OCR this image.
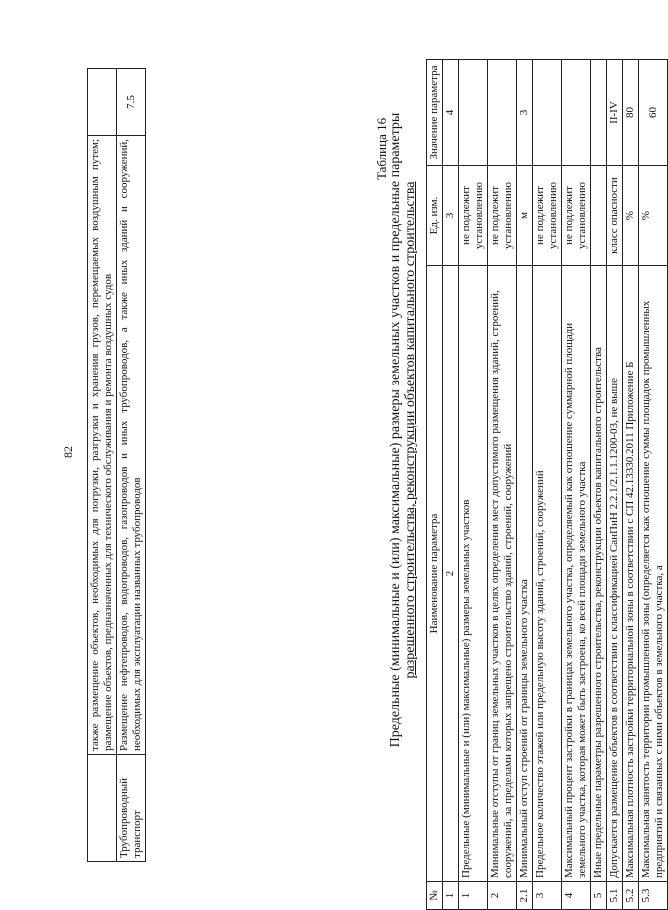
82
	также размещение объектов, необходимых для погрузки, разгрузки и хранения грузов, перемещаемых воздушным путем; размещение объектов, предназначенных для технического обслуживания и ремонта воздушных судов	
Трубопроводный транспорт	Размещение нефтепроводов, водопроводов, газопроводов и иных трубопроводов, а также иных зданий и сооружений, необходимых для эксплуатации названных трубопроводов	7.5
Таблица 16 Предельные (минимальные и (или) максимальные) размеры земельных участков и предельные параметры разрешенного строительства, реконструкции объектов капитального строительства
№	Наименование параметра	Ед. изм.	Значение параметра
1	2	3	4
1	Предельные (минимальные и (или) максимальные) размеры земельных участков	не подлежит установлению	
2	Минимальные отступы от границ земельных участков в целях определения мест допустимого размещения зданий, строений, сооружений, за пределами которых запрещено строительство зданий, строений, сооружений	не подлежит установлению	
2.1	Минимальный отступ строений от границы земельного участка	м	3
3	Предельное количество этажей или предельную высоту зданий, строений, сооружений	не подлежит установлению	
4	Максимальный процент застройки в границах земельного участка, определяемый как отношение суммарной площади земельного участка, которая может быть застроена, ко всей площади земельного участка	не подлежит установлению	
5	Иные предельные параметры разрешенного строительства, реконструкции объектов капитального строительства		
5.1	Допускается размещение объектов в соответствии с классификацией СанПиН 2.2.1/2.1.1.1200-03, не выше	класс опасности	II-IV
5.2	Максимальная плотность застройки территориальной зоны в соответствии с СП 42.13330.2011 Приложение Б	%	80
5.3	Максимальная занятость территории промышленной зоны (определяется как отношение суммы площадок промышленных предприятий и связанных с ними объектов в земельного участка, а	%	60
